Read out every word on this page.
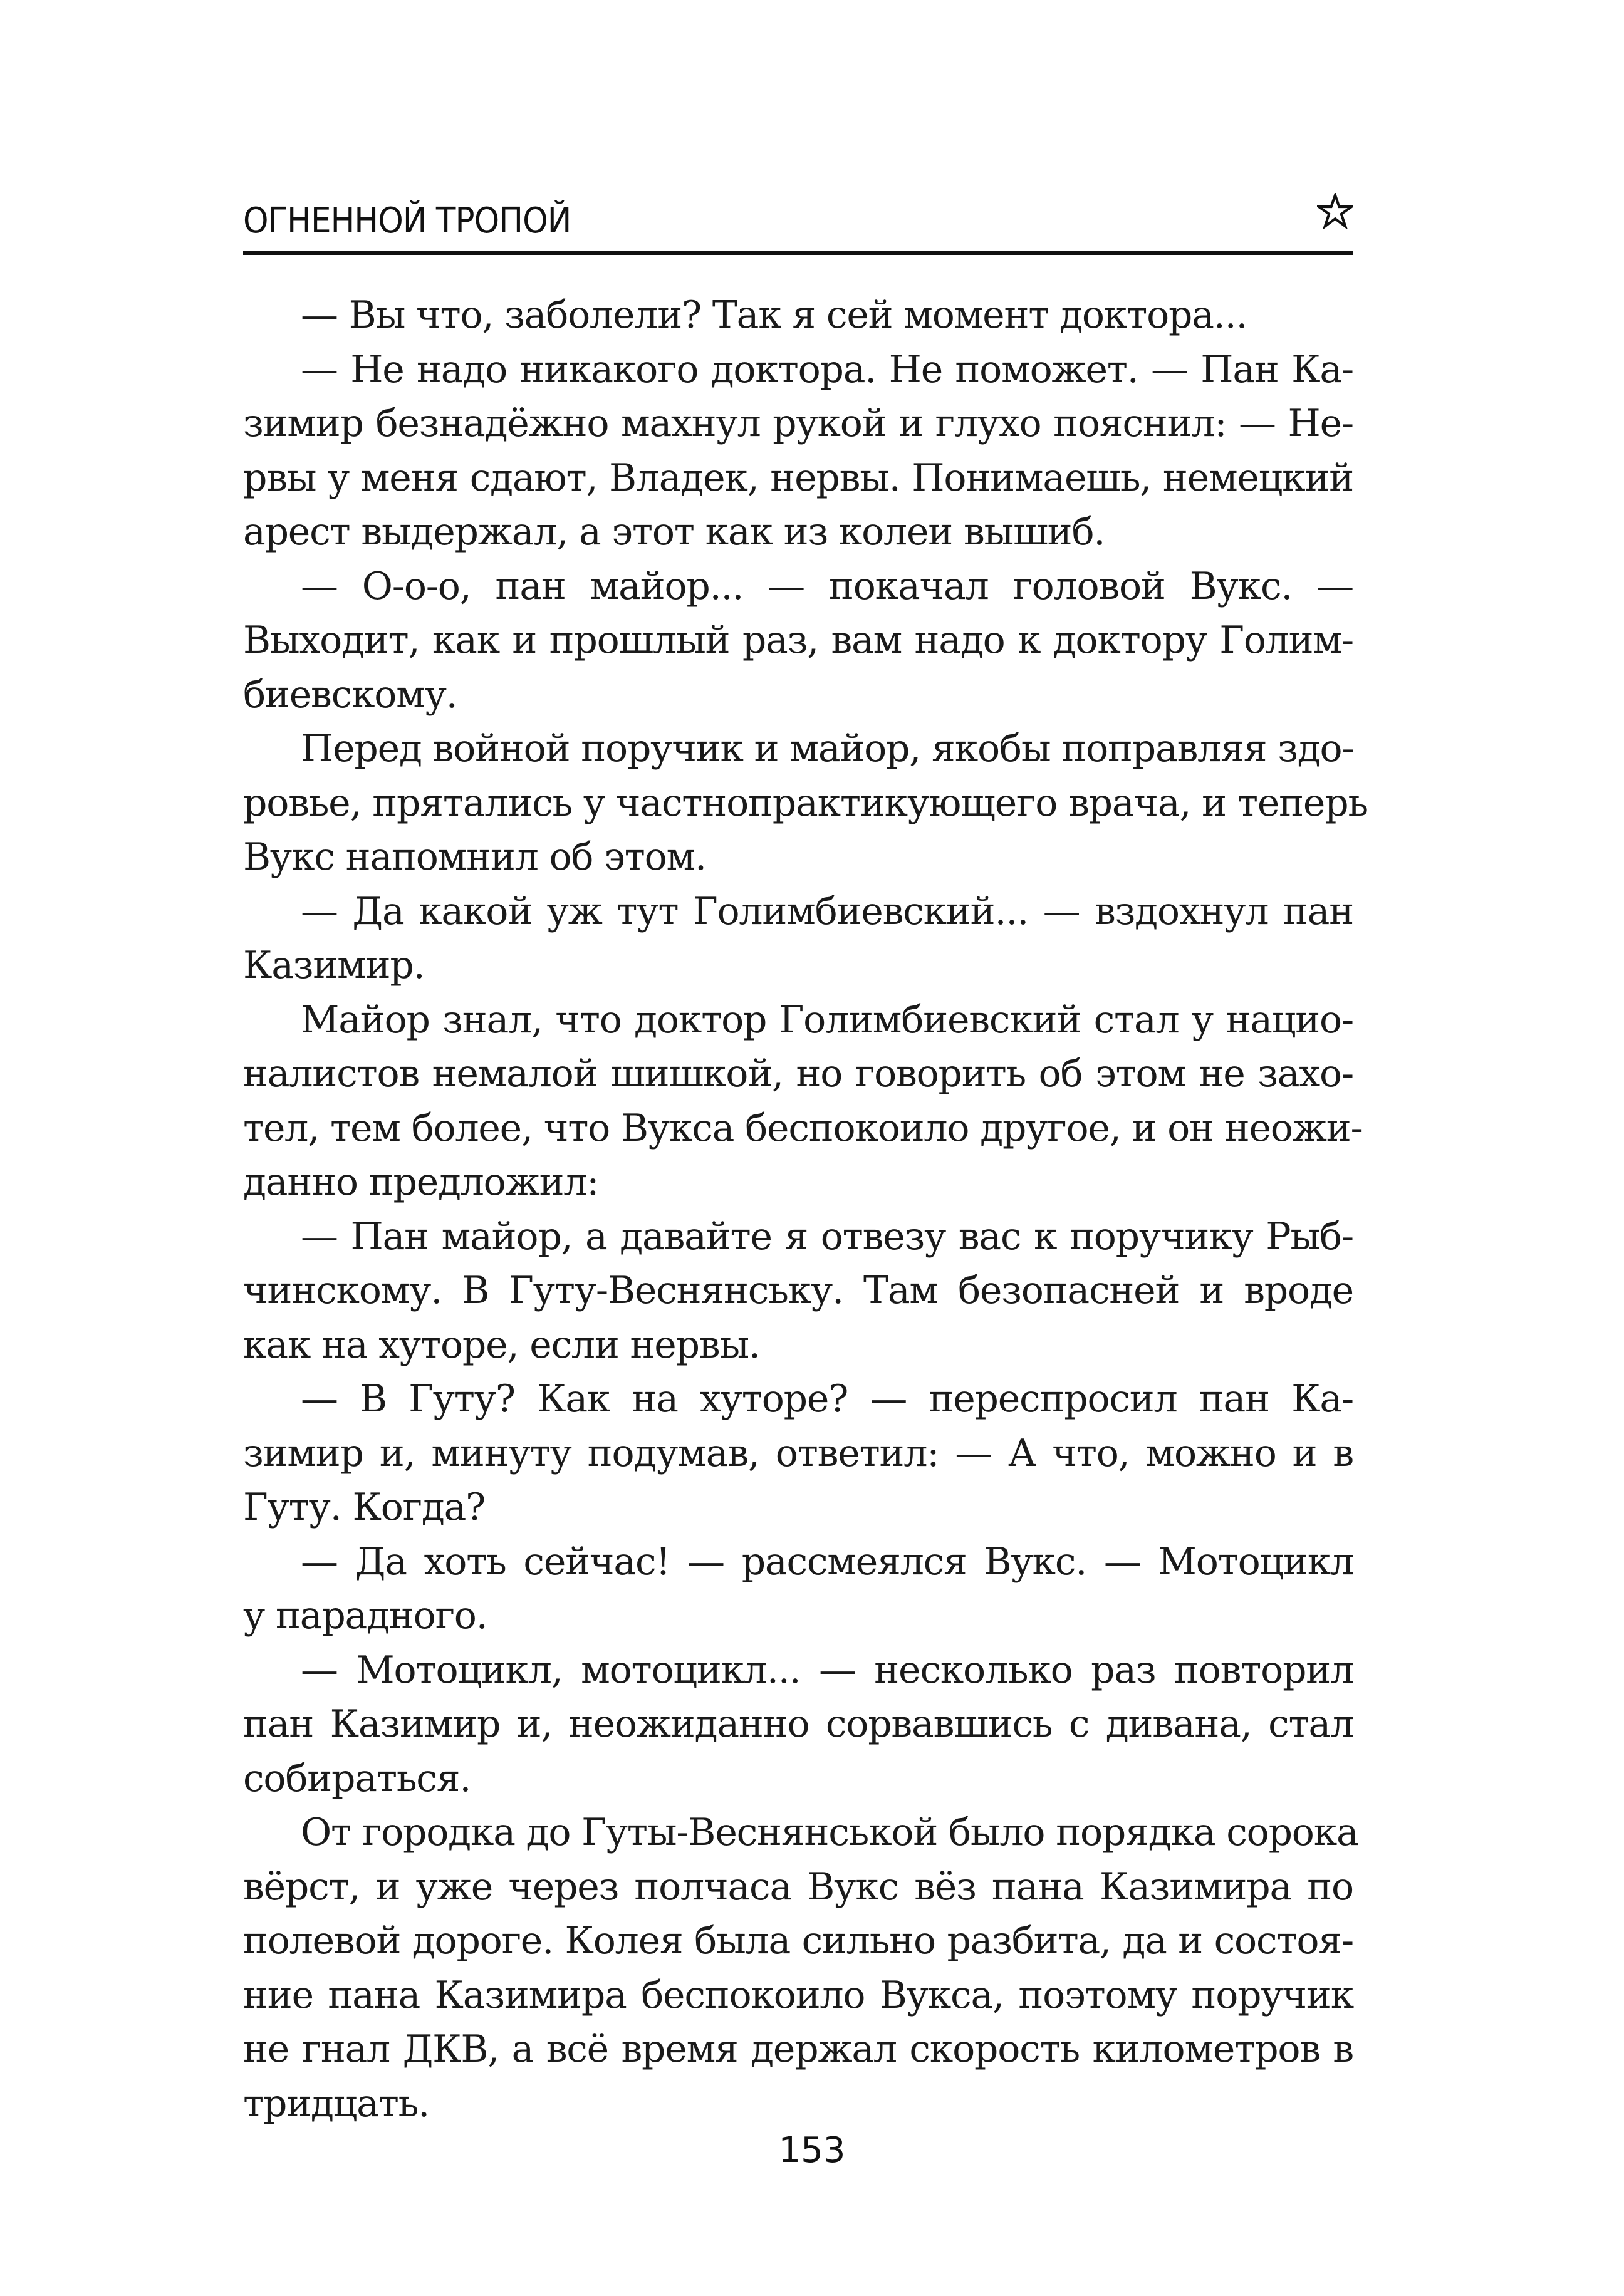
ОГНЕННОЙ ТРОПОЙ
— Вы что, заболели? Так я сей момент доктора...
— Не надо никакого доктора. Не поможет. — Пан Ка-
зимир безнадёжно махнул рукой и глухо пояснил: — Не-
рвы у меня сдают, Владек, нервы. Понимаешь, немецкий
арест выдержал, а этот как из колеи вышиб.
— О-о-о, пан майор... — покачал головой Вукс. —
Выходит, как и прошлый раз, вам надо к доктору Голим-
биевскому.
Перед войной поручик и майор, якобы поправляя здо-
ровье, прятались у частнопрактикующего врача, и теперь
Вукс напомнил об этом.
— Да какой уж тут Голимбиевский... — вздохнул пан
Казимир.
Майор знал, что доктор Голимбиевский стал у нацио-
налистов немалой шишкой, но говорить об этом не захо-
тел, тем более, что Вукса беспокоило другое, и он неожи-
данно предложил:
— Пан майор, а давайте я отвезу вас к поручику Рыб-
чинскому. В Гуту-Веснянську. Там безопасней и вроде
как на хуторе, если нервы.
— В Гуту? Как на хуторе? — переспросил пан Ка-
зимир и, минуту подумав, ответил: — А что, можно и в
Гуту. Когда?
— Да хоть сейчас! — рассмеялся Вукс. — Мотоцикл
у парадного.
— Мотоцикл, мотоцикл... — несколько раз повторил
пан Казимир и, неожиданно сорвавшись с дивана, стал
собираться.
От городка до Гуты-Веснянськой было порядка сорока
вёрст, и уже через полчаса Вукс вёз пана Казимира по
полевой дороге. Колея была сильно разбита, да и состоя-
ние пана Казимира беспокоило Вукса, поэтому поручик
не гнал ДКВ, а всё время держал скорость километров в
тридцать.
153
